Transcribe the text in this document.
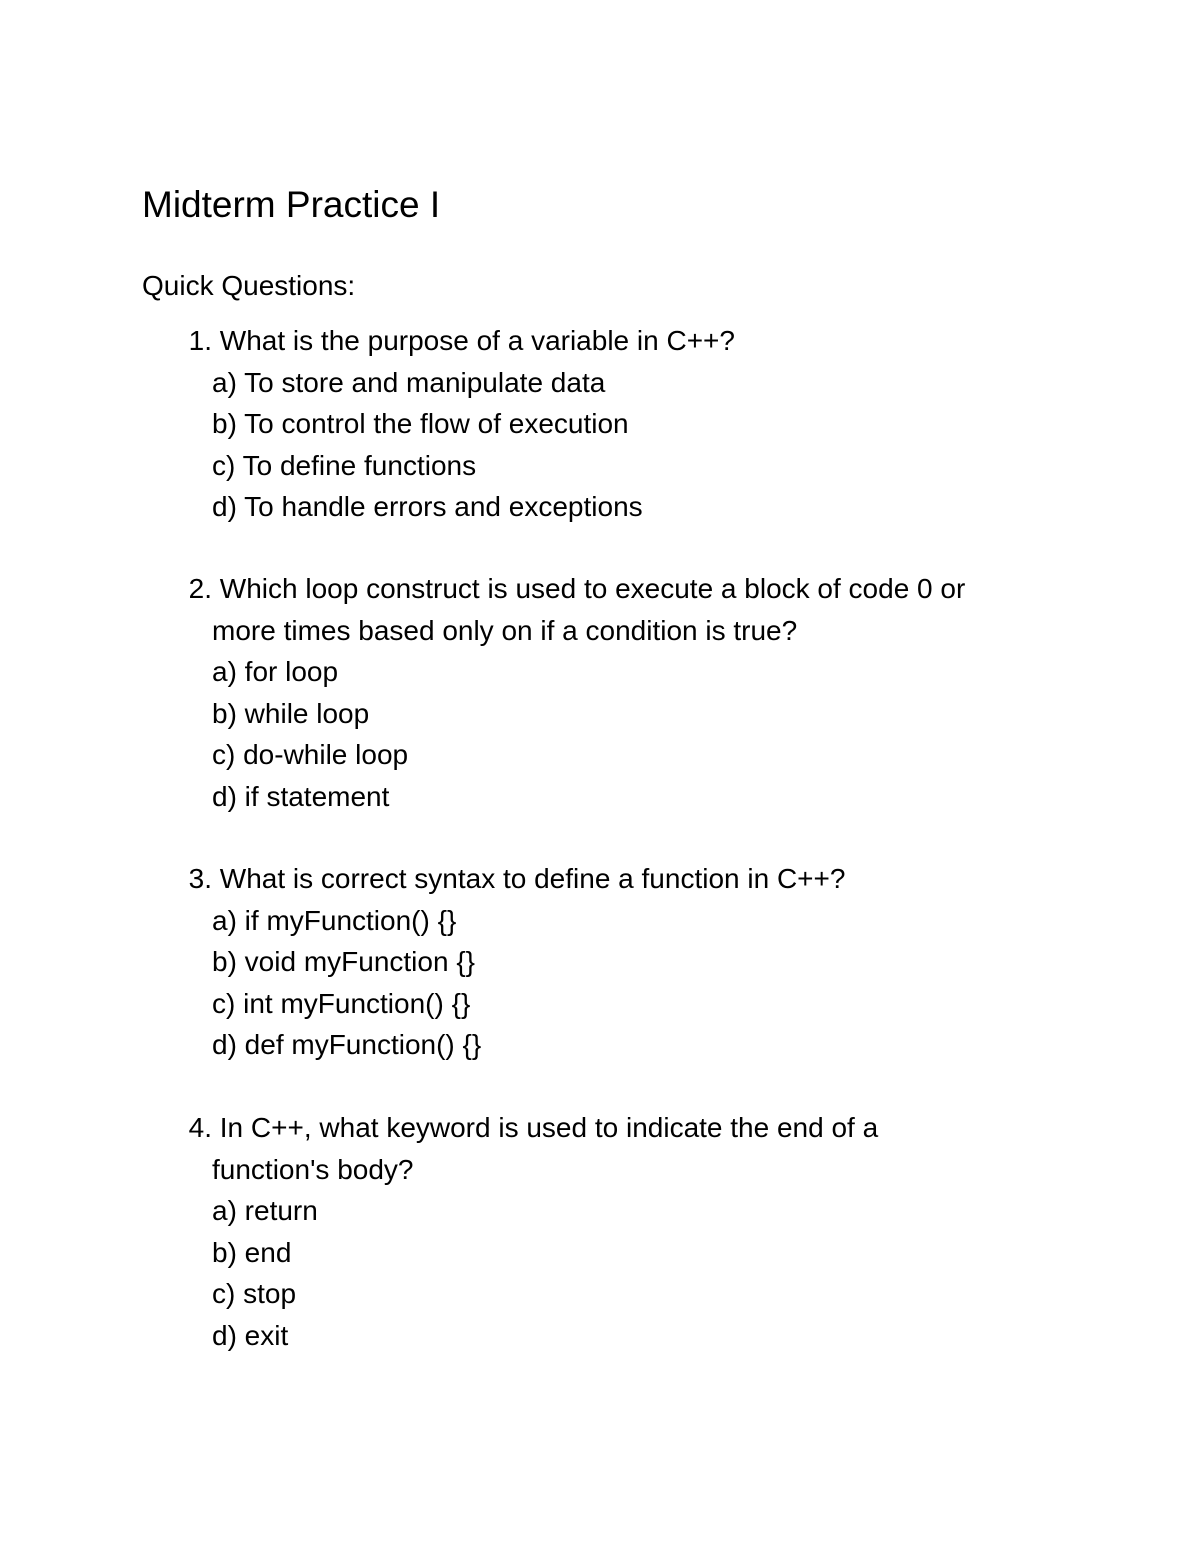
Midterm Practice I
Quick Questions:
1. What is the purpose of a variable in C++?
a) To store and manipulate data
b) To control the flow of execution
c) To define functions
d) To handle errors and exceptions
2. Which loop construct is used to execute a block of code 0 or
more times based only on if a condition is true?
a) for loop
b) while loop
c) do-while loop
d) if statement
3. What is correct syntax to define a function in C++?
a) if myFunction() {}
b) void myFunction {}
c) int myFunction() {}
d) def myFunction() {}
4. In C++, what keyword is used to indicate the end of a
function's body?
a) return
b) end
c) stop
d) exit
